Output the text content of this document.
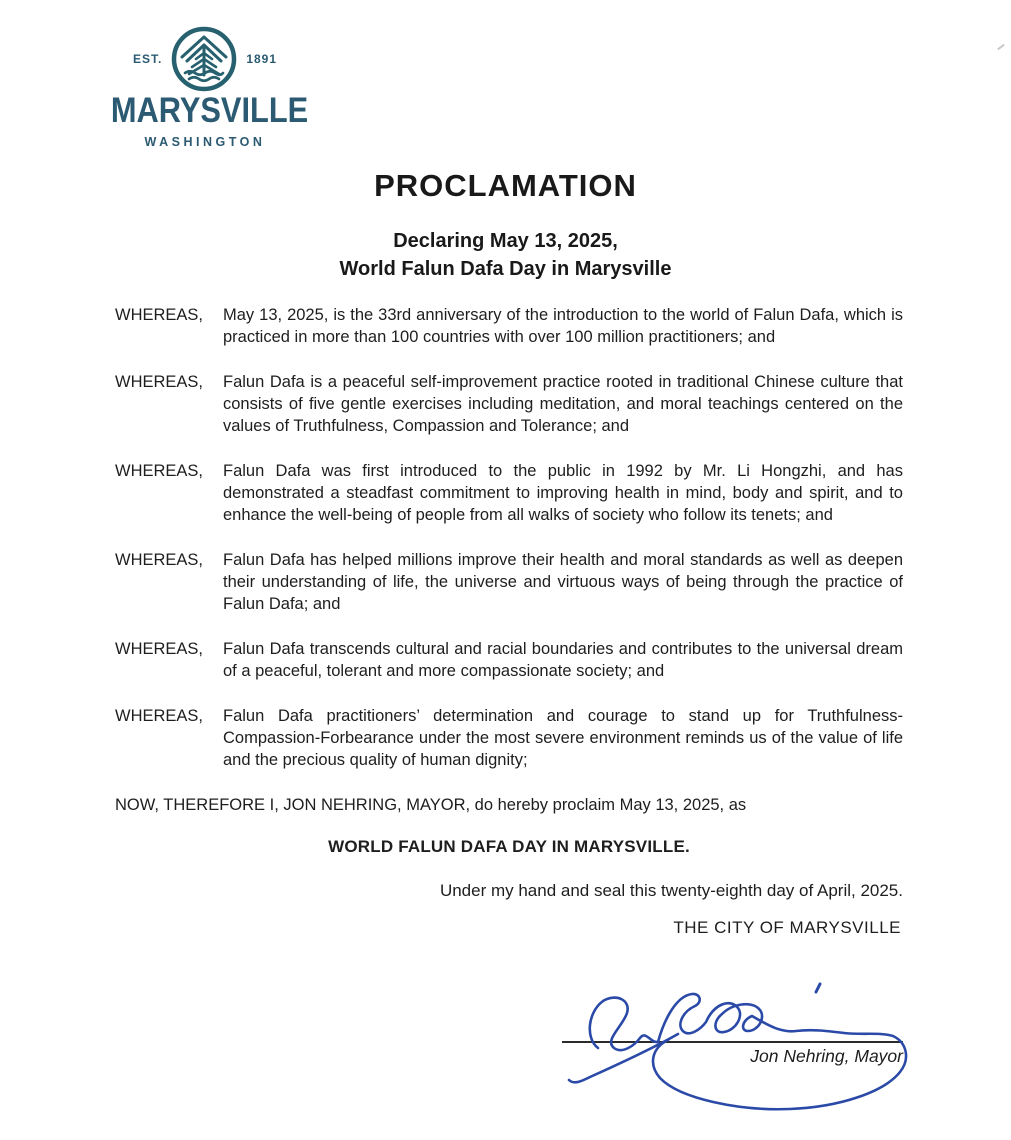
EST.	1891
MARYSVILLE
WASHINGTON
PROCLAMATION
Declaring May 13, 2025,
World Falun Dafa Day in Marysville
WHEREAS,	May 13, 2025, is the 33rd anniversary of the introduction to the world of Falun Dafa, which is practiced in more than 100 countries with over 100 million practitioners; and

WHEREAS,	Falun Dafa is a peaceful self-improvement practice rooted in traditional Chinese culture that consists of five gentle exercises including meditation, and moral teachings centered on the values of Truthfulness, Compassion and Tolerance; and

WHEREAS,	Falun Dafa was first introduced to the public in 1992 by Mr. Li Hongzhi, and has demonstrated a steadfast commitment to improving health in mind, body and spirit, and to enhance the well-being of people from all walks of society who follow its tenets; and

WHEREAS,	Falun Dafa has helped millions improve their health and moral standards as well as deepen their understanding of life, the universe and virtuous ways of being through the practice of Falun Dafa; and

WHEREAS,	Falun Dafa transcends cultural and racial boundaries and contributes to the universal dream of a peaceful, tolerant and more compassionate society; and

WHEREAS,	Falun Dafa practitioners’ determination and courage to stand up for Truthfulness-Compassion-Forbearance under the most severe environment reminds us of the value of life and the precious quality of human dignity;

NOW, THEREFORE I, JON NEHRING, MAYOR, do hereby proclaim May 13, 2025, as

WORLD FALUN DAFA DAY IN MARYSVILLE.

Under my hand and seal this twenty-eighth day of April, 2025.

THE CITY OF MARYSVILLE

Jon Nehring, Mayor
